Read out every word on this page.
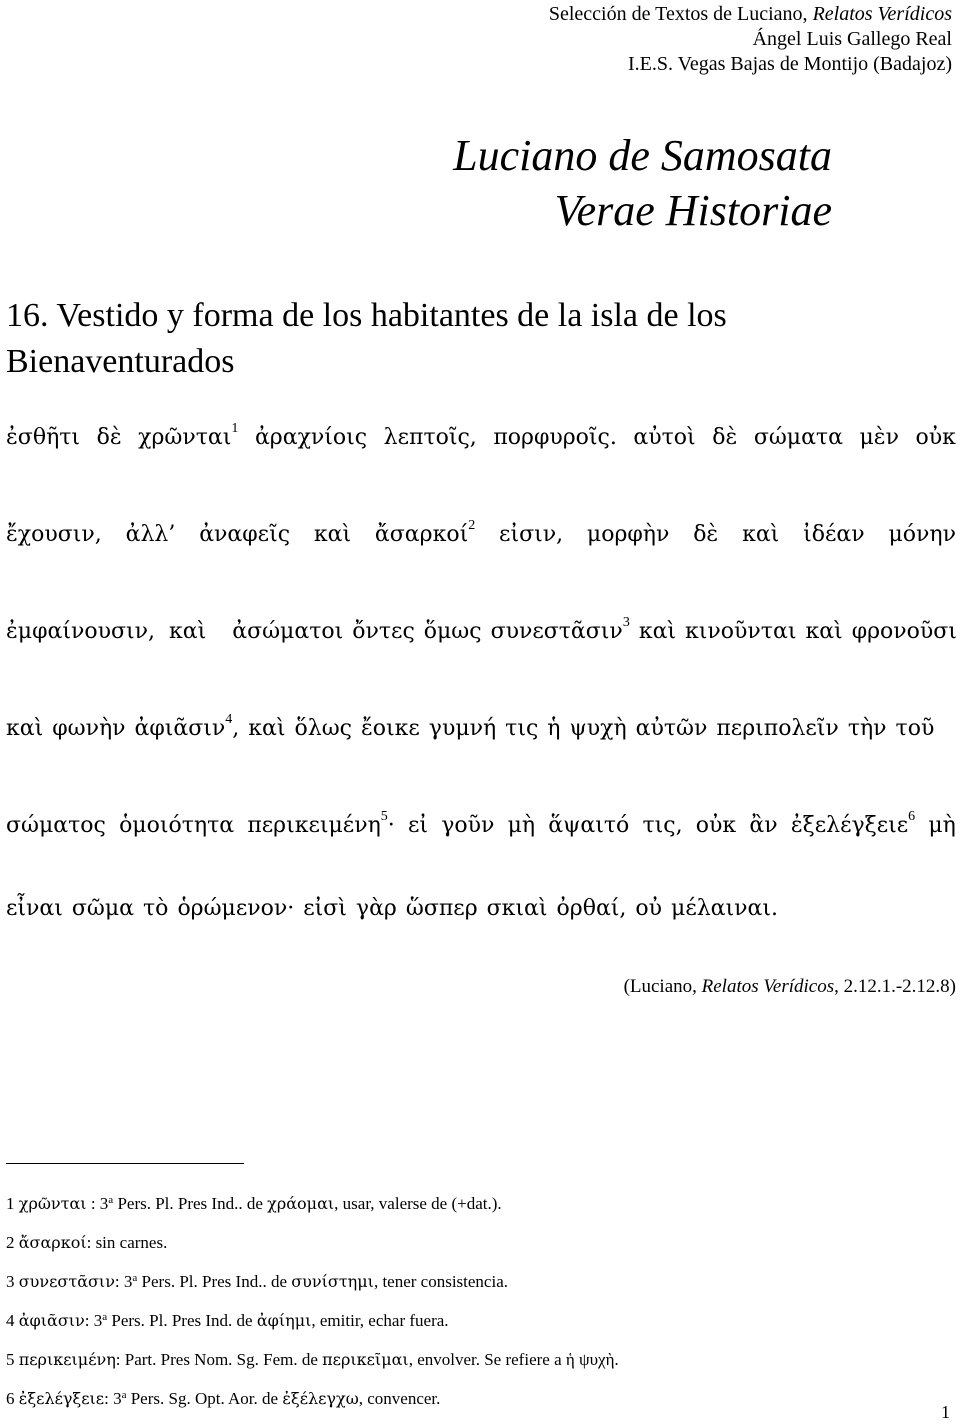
Selección de Textos de Luciano, Relatos Verídicos
Ángel Luis Gallego Real
I.E.S. Vegas Bajas de Montijo (Badajoz)
Luciano de Samosata
Verae Historiae
16. Vestido y forma de los habitantes de la isla de los Bienaventurados
ἐσθῆτι δὲ χρῶνται$^1$ ἀραχνίοις λεπτοῖς, πορφυροῖς. αὐτοὶ δὲ σώματα μὲν οὐκ
ἔχουσιν, ἀλλ’ ἀναφεῖς καὶ ἄσαρκοί$^2$ εἰσιν, μορφὴν δὲ καὶ ἰδέαν μόνην
ἐμφαίνουσιν, καὶ ἀσώματοι ὄντες ὅμως συνεστᾶσιν$^3$ καὶ κινοῦνται καὶ φρονοῦσι
καὶ φωνὴν ἀφιᾶσιν$^4$ , καὶ ὅλως ἔοικε γυμνή τις ἡ ψυχὴ αὐτῶν περιπολεῖν τὴν τοῦ
σώματος ὁμοιότητα περικειμένη$^5$· εἰ γοῦν μὴ ἅψαιτό τις, οὐκ ἂν ἐξελέγξειε$^6$ μὴ
εἶναι σῶμα τὸ ὁρώμενον· εἰσὶ γὰρ ὥσπερ σκιαὶ ὀρθαί, οὐ μέλαιναι.
(Luciano, Relatos Verídicos, 2.12.1.-2.12.8)
1 χρῶνται : 3$^a$ Pers. Pl. Pres Ind.. de χράομαι, usar, valerse de (+dat.).
2 ἄσαρκοί: sin carnes.
3 συνεστᾶσιν: 3$^a$ Pers. Pl. Pres Ind.. de συνίστημι, tener consistencia.
4 ἀφιᾶσιν: 3$^a$ Pers. Pl. Pres Ind. de ἀφίημι, emitir, echar fuera.
5 περικειμένη: Part. Pres Nom. Sg. Fem. de περικεῖμαι, envolver. Se refiere a ἡ ψυχὴ.
6 ἐξελέγξειε: 3$^a$ Pers. Sg. Opt. Aor. de ἐξέλεγχω, convencer.
1
